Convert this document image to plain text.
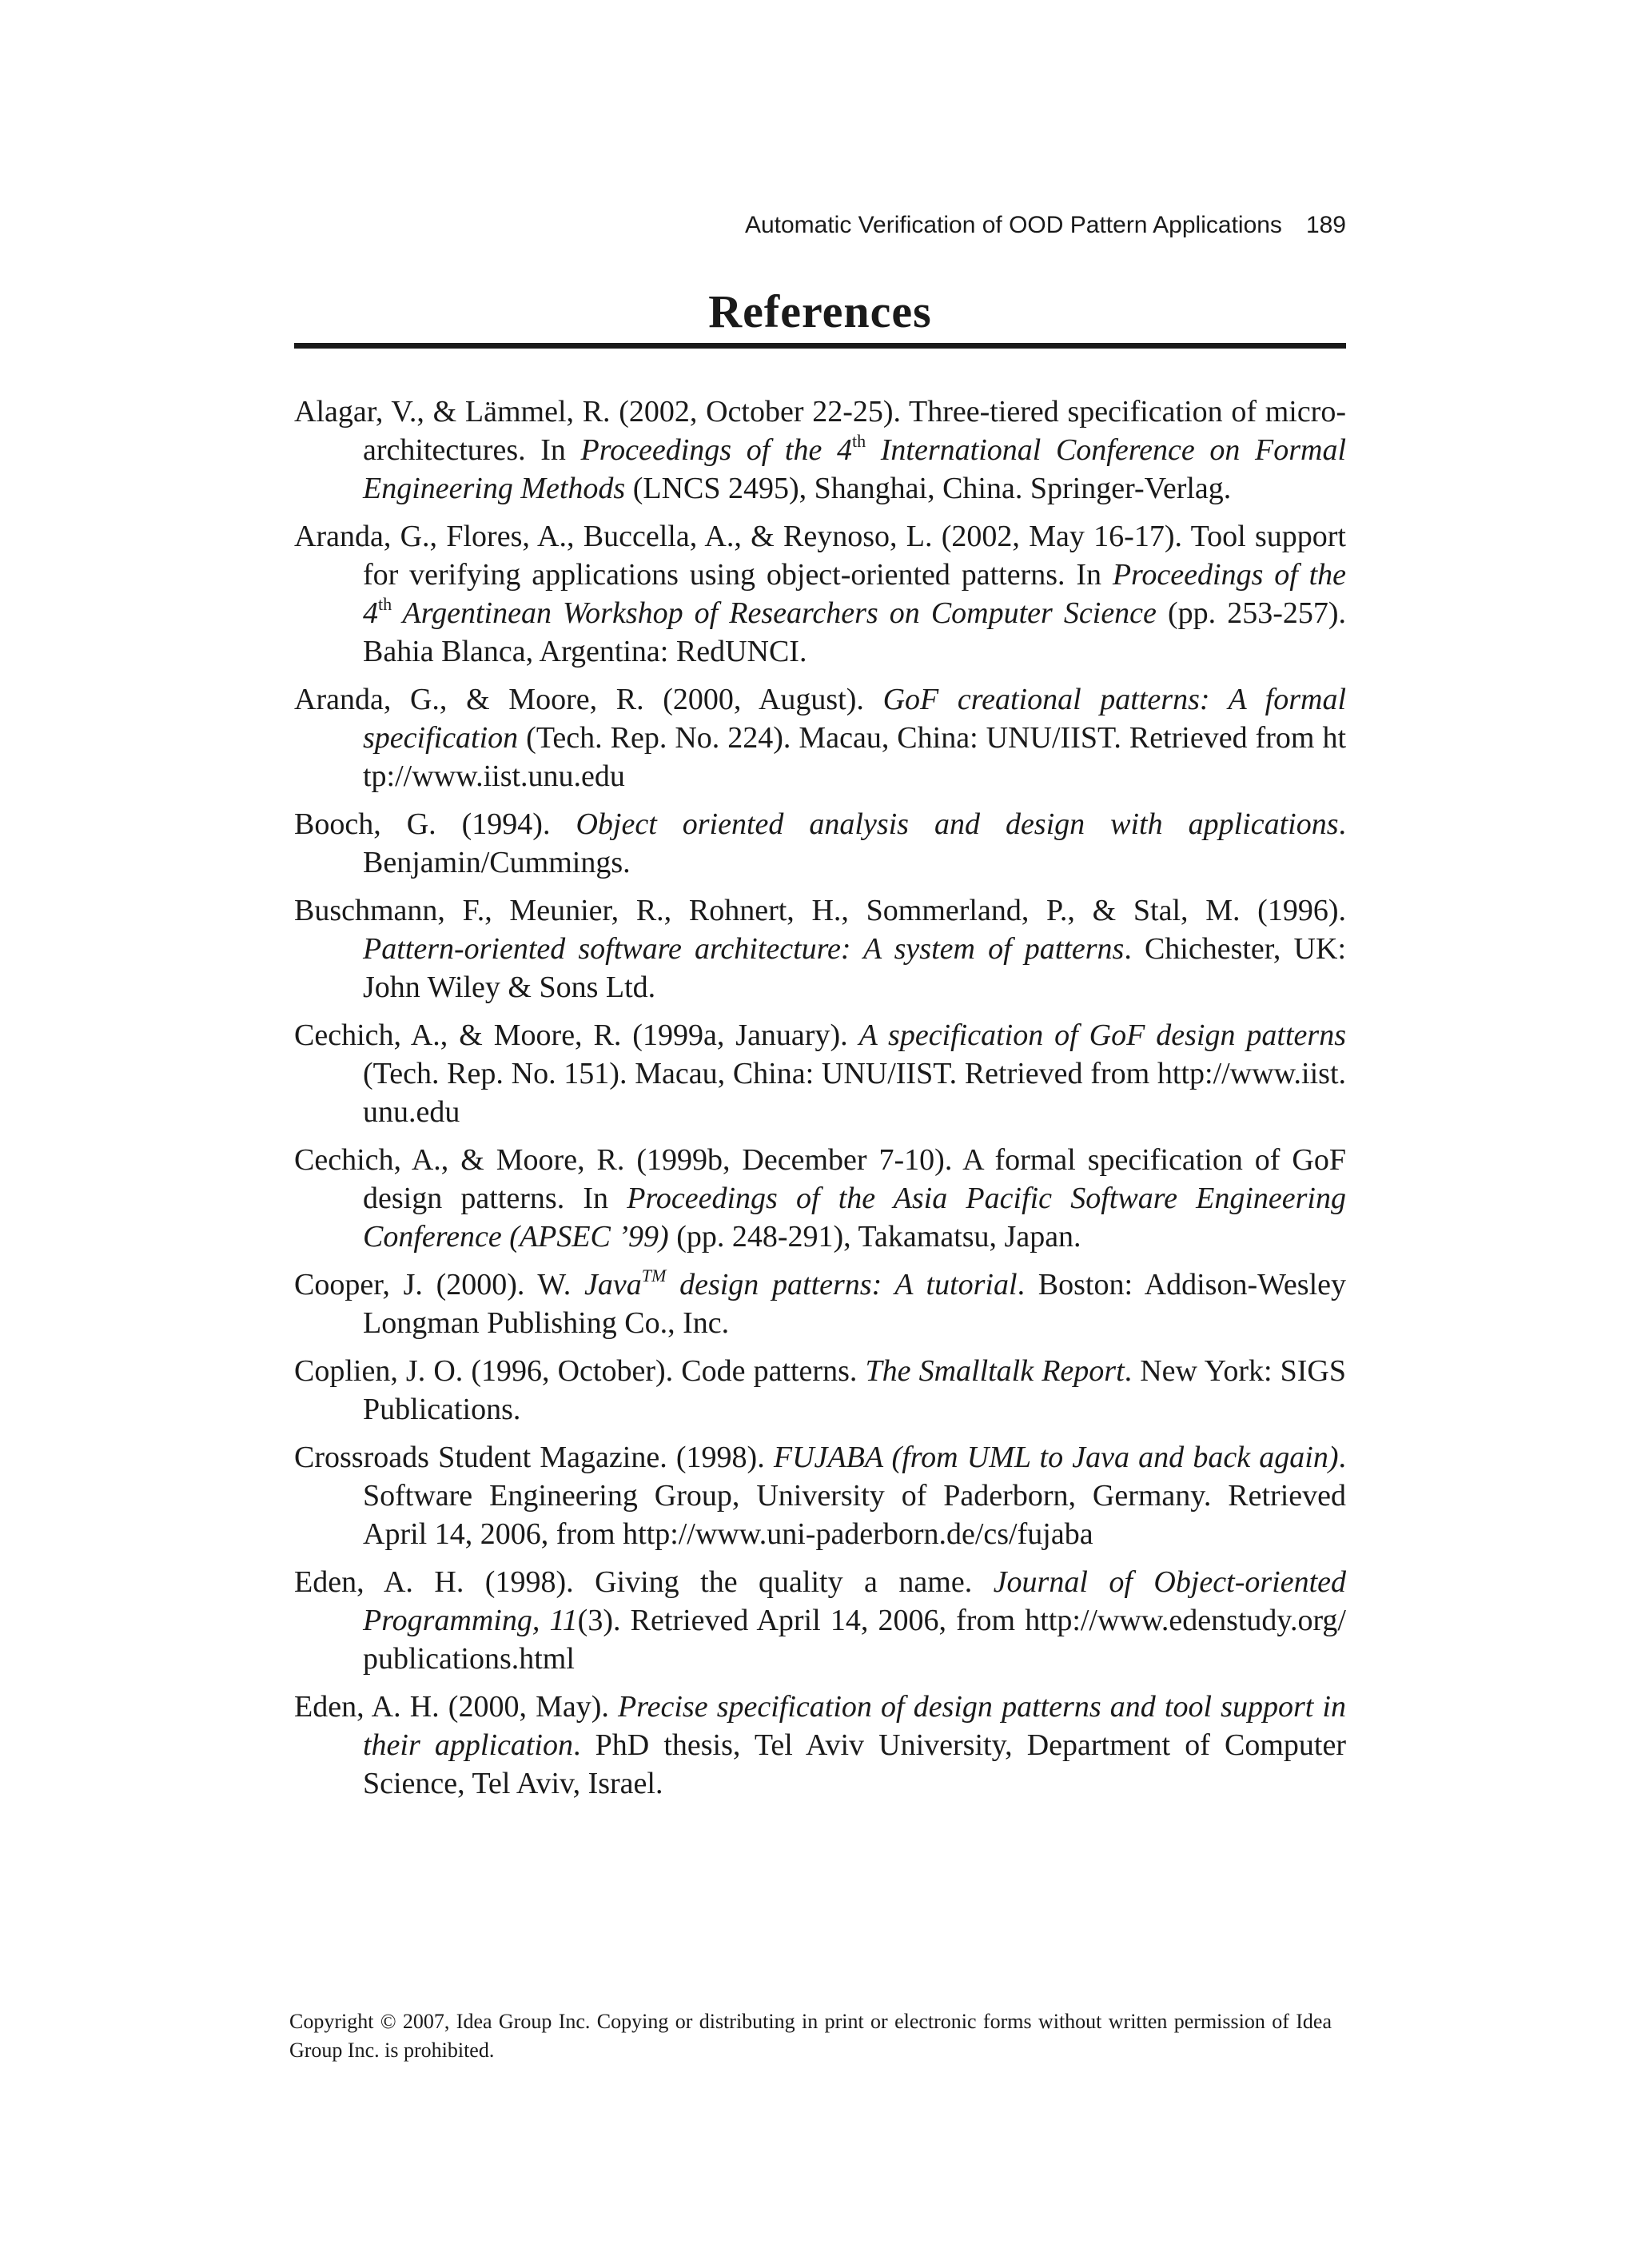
Automatic Verification of OOD Pattern Applications 189
References

Alagar, V., & Lämmel, R. (2002, October 22-25). Three-tiered specification of micro-architectures. In Proceedings of the 4th International Conference on Formal Engineering Methods (LNCS 2495), Shanghai, China. Springer-Verlag.

Aranda, G., Flores, A., Buccella, A., & Reynoso, L. (2002, May 16-17). Tool support for verifying applications using object-oriented patterns. In Proceedings of the 4th Argentinean Workshop of Researchers on Computer Science (pp. 253-257). Bahia Blanca, Argentina: RedUNCI.

Aranda, G., & Moore, R. (2000, August). GoF creational patterns: A formal specification (Tech. Rep. No. 224). Macau, China: UNU/IIST. Retrieved from http://www.iist.unu.edu

Booch, G. (1994). Object oriented analysis and design with applications. Benjamin/Cummings.

Buschmann, F., Meunier, R., Rohnert, H., Sommerland, P., & Stal, M. (1996). Pattern-oriented software architecture: A system of patterns. Chichester, UK: John Wiley & Sons Ltd.

Cechich, A., & Moore, R. (1999a, January). A specification of GoF design patterns (Tech. Rep. No. 151). Macau, China: UNU/IIST. Retrieved from http://www.iist.unu.edu

Cechich, A., & Moore, R. (1999b, December 7-10). A formal specification of GoF design patterns. In Proceedings of the Asia Pacific Software Engineering Conference (APSEC ’99) (pp. 248-291), Takamatsu, Japan.

Cooper, J. (2000). W. Java™ design patterns: A tutorial. Boston: Addison-Wesley Longman Publishing Co., Inc.

Coplien, J. O. (1996, October). Code patterns. The Smalltalk Report. New York: SIGS Publications.

Crossroads Student Magazine. (1998). FUJABA (from UML to Java and back again). Software Engineering Group, University of Paderborn, Germany. Retrieved April 14, 2006, from http://www.uni-paderborn.de/cs/fujaba

Eden, A. H. (1998). Giving the quality a name. Journal of Object-oriented Programming, 11(3). Retrieved April 14, 2006, from http://www.edenstudy.org/publications.html

Eden, A. H. (2000, May). Precise specification of design patterns and tool support in their application. PhD thesis, Tel Aviv University, Department of Computer Science, Tel Aviv, Israel.

Copyright © 2007, Idea Group Inc. Copying or distributing in print or electronic forms without written permission of Idea Group Inc. is prohibited.
